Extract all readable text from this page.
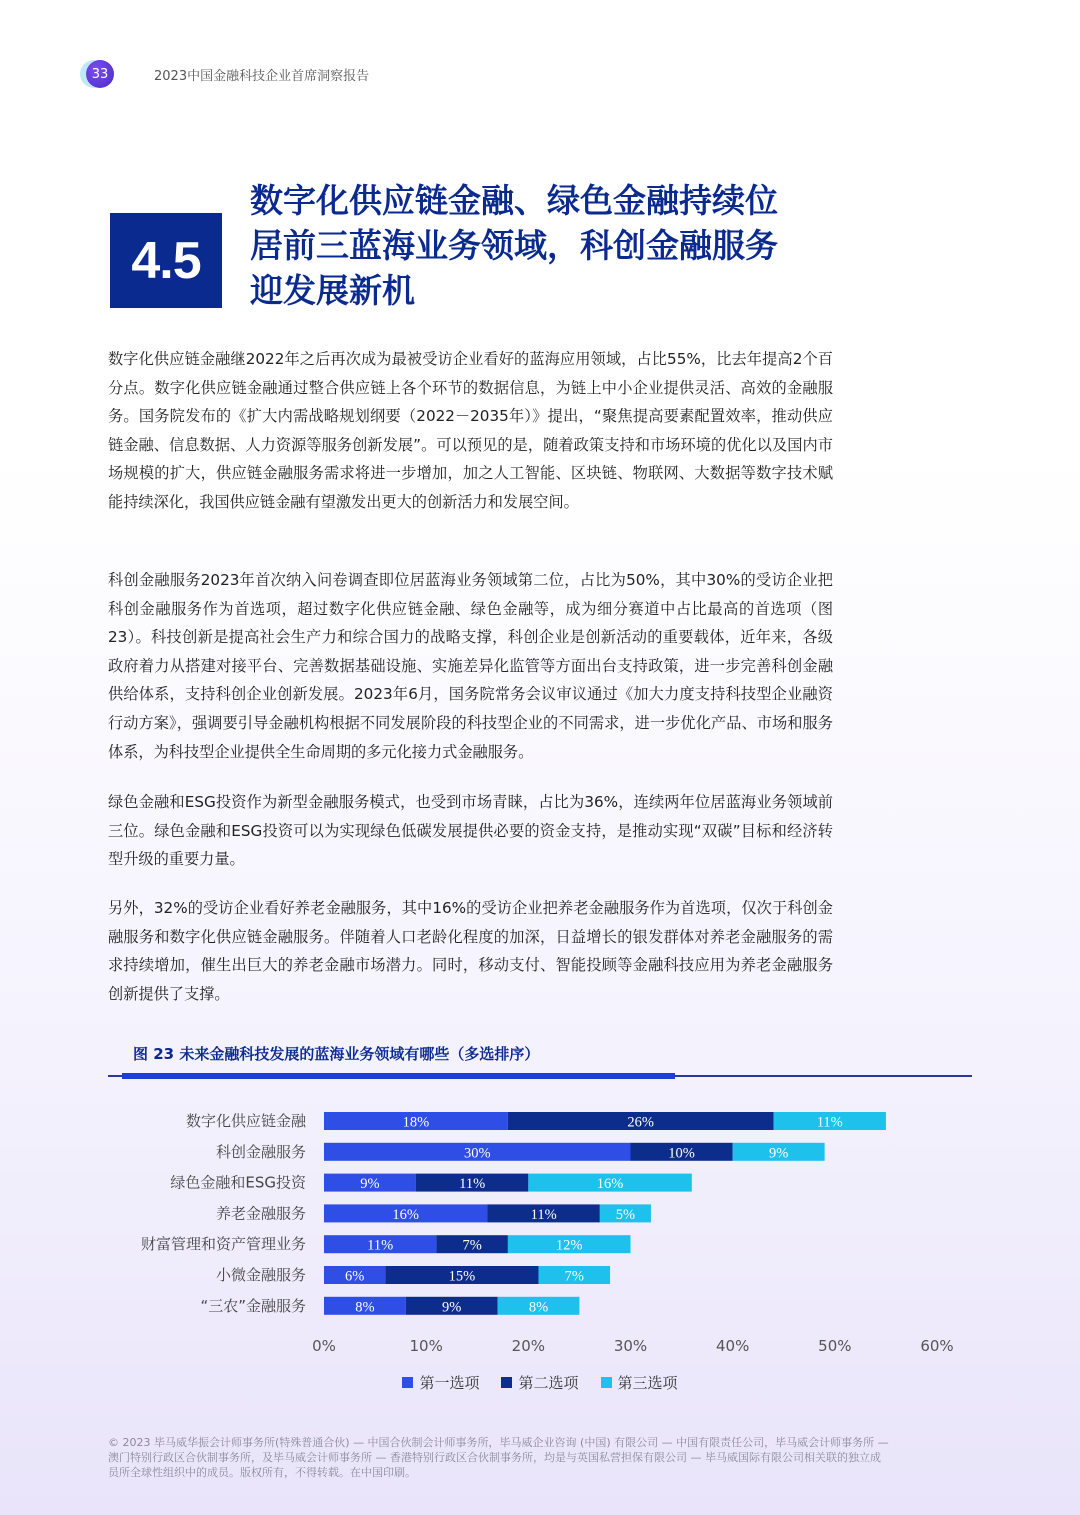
33	2023中国金融科技企业首席洞察报告
4.5
数字化供应链金融、绿色金融持续位
居前三蓝海业务领域，科创金融服务
迎发展新机

数字化供应链金融继2022年之后再次成为最被受访企业看好的蓝海应用领域，占比55%，比去年提高2个百分点。数字化供应链金融通过整合供应链上各个环节的数据信息，为链上中小企业提供灵活、高效的金融服务。国务院发布的《扩大内需战略规划纲要（2022－2035年）》提出，“聚焦提高要素配置效率，推动供应链金融、信息数据、人力资源等服务创新发展”。可以预见的是，随着政策支持和市场环境的优化以及国内市场规模的扩大，供应链金融服务需求将进一步增加，加之人工智能、区块链、物联网、大数据等数字技术赋能持续深化，我国供应链金融有望激发出更大的创新活力和发展空间。

科创金融服务2023年首次纳入问卷调查即位居蓝海业务领域第二位，占比为50%，其中30%的受访企业把科创金融服务作为首选项，超过数字化供应链金融、绿色金融等，成为细分赛道中占比最高的首选项（图23）。科技创新是提高社会生产力和综合国力的战略支撑，科创企业是创新活动的重要载体，近年来，各级政府着力从搭建对接平台、完善数据基础设施、实施差异化监管等方面出台支持政策，进一步完善科创金融供给体系，支持科创企业创新发展。2023年6月，国务院常务会议审议通过《加大力度支持科技型企业融资行动方案》，强调要引导金融机构根据不同发展阶段的科技型企业的不同需求，进一步优化产品、市场和服务体系，为科技型企业提供全生命周期的多元化接力式金融服务。

绿色金融和ESG投资作为新型金融服务模式，也受到市场青睐，占比为36%，连续两年位居蓝海业务领域前三位。绿色金融和ESG投资可以为实现绿色低碳发展提供必要的资金支持，是推动实现“双碳”目标和经济转型升级的重要力量。

另外，32%的受访企业看好养老金融服务，其中16%的受访企业把养老金融服务作为首选项，仅次于科创金融服务和数字化供应链金融服务。伴随着人口老龄化程度的加深，日益增长的银发群体对养老金融服务的需求持续增加，催生出巨大的养老金融市场潜力。同时，移动支付、智能投顾等金融科技应用为养老金融服务创新提供了支撑。

图 23 未来金融科技发展的蓝海业务领域有哪些（多选排序）
数字化供应链金融	18%	26%	11%
科创金融服务	30%	10%	9%
绿色金融和ESG投资	9%	11%	16%
养老金融服务	16%	11%	5%
财富管理和资产管理业务	11%	7%	12%
小微金融服务	6%	15%	7%
“三农”金融服务	8%	9%	8%
0%	10%	20%	30%	40%	50%	60%
第一选项	第二选项	第三选项
© 2023 毕马威华振会计师事务所(特殊普通合伙) — 中国合伙制会计师事务所，毕马威企业咨询 (中国) 有限公司 — 中国有限责任公司，毕马威会计师事务所 —
澳门特别行政区合伙制事务所，及毕马威会计师事务所 — 香港特别行政区合伙制事务所，均是与英国私营担保有限公司 — 毕马威国际有限公司相关联的独立成
员所全球性组织中的成员。版权所有，不得转载。在中国印刷。
